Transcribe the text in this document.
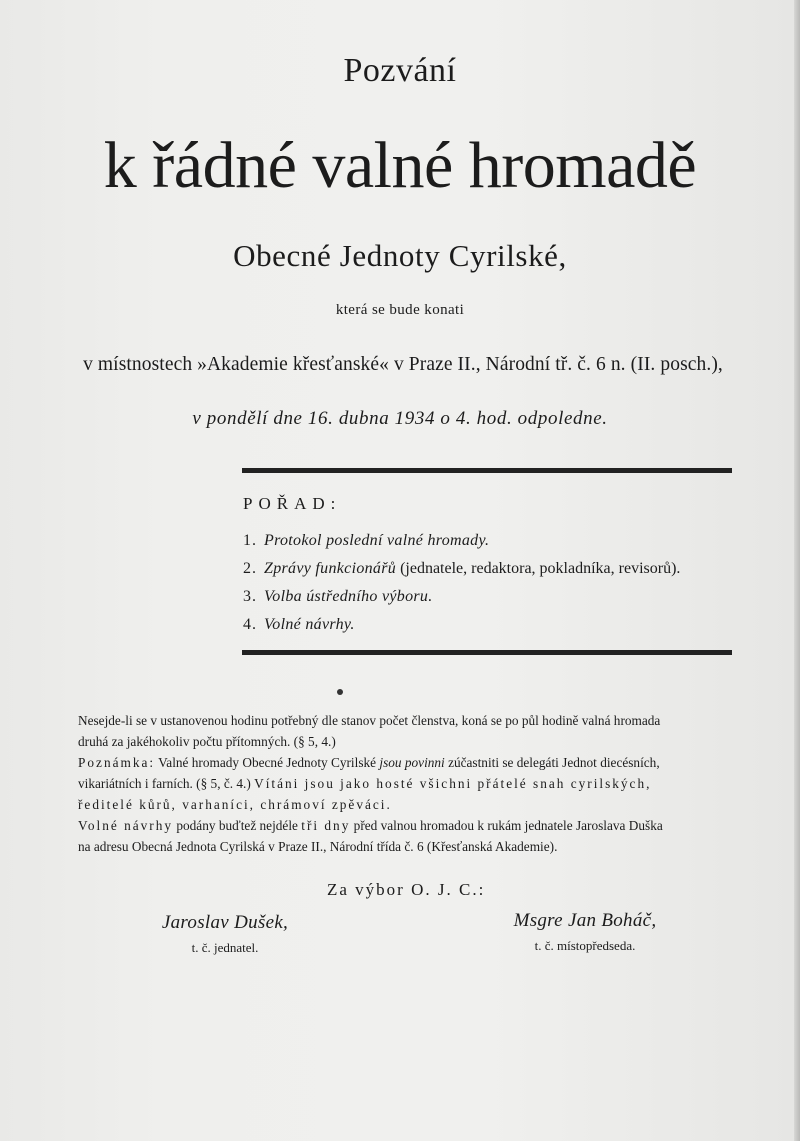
Pozvání
k řádné valné hromadě
Obecné Jednoty Cyrilské,
která se bude konati
v místnostech »Akademie křesťanské« v Praze II., Národní tř. č. 6 n. (II. posch.),
v pondělí dne 16. dubna 1934 o 4. hod. odpoledne.
POŘAD:
1. Protokol poslední valné hromady.
2. Zprávy funkcionářů (jednatele, redaktora, pokladníka, revisorů).
3. Volba ústředního výboru.
4. Volné návrhy.
Nesejde-li se v ustanovenou hodinu potřebný dle stanov počet členstva, koná se po půl hodině valná hromada
druhá za jakéhokoliv počtu přítomných. (§ 5, 4.)
Poznámka: Valné hromady Obecné Jednoty Cyrilské jsou povinni zúčastniti se delegáti Jednot diecésních,
vikariátních i farních. (§ 5, č. 4.) Vítáni jsou jako hosté všichni přátelé snah cyrilských,
ředitelé kůrů, varhaníci, chrámoví zpěváci.
Volné návrhy podány buďtež nejdéle tři dny před valnou hromadou k rukám jednatele Jaroslava Duška
na adresu Obecná Jednota Cyrilská v Praze II., Národní třída č. 6 (Křesťanská Akademie).
Za výbor O. J. C.:
Jaroslav Dušek,
t. č. jednatel.
Msgre Jan Boháč,
t. č. místopředseda.
